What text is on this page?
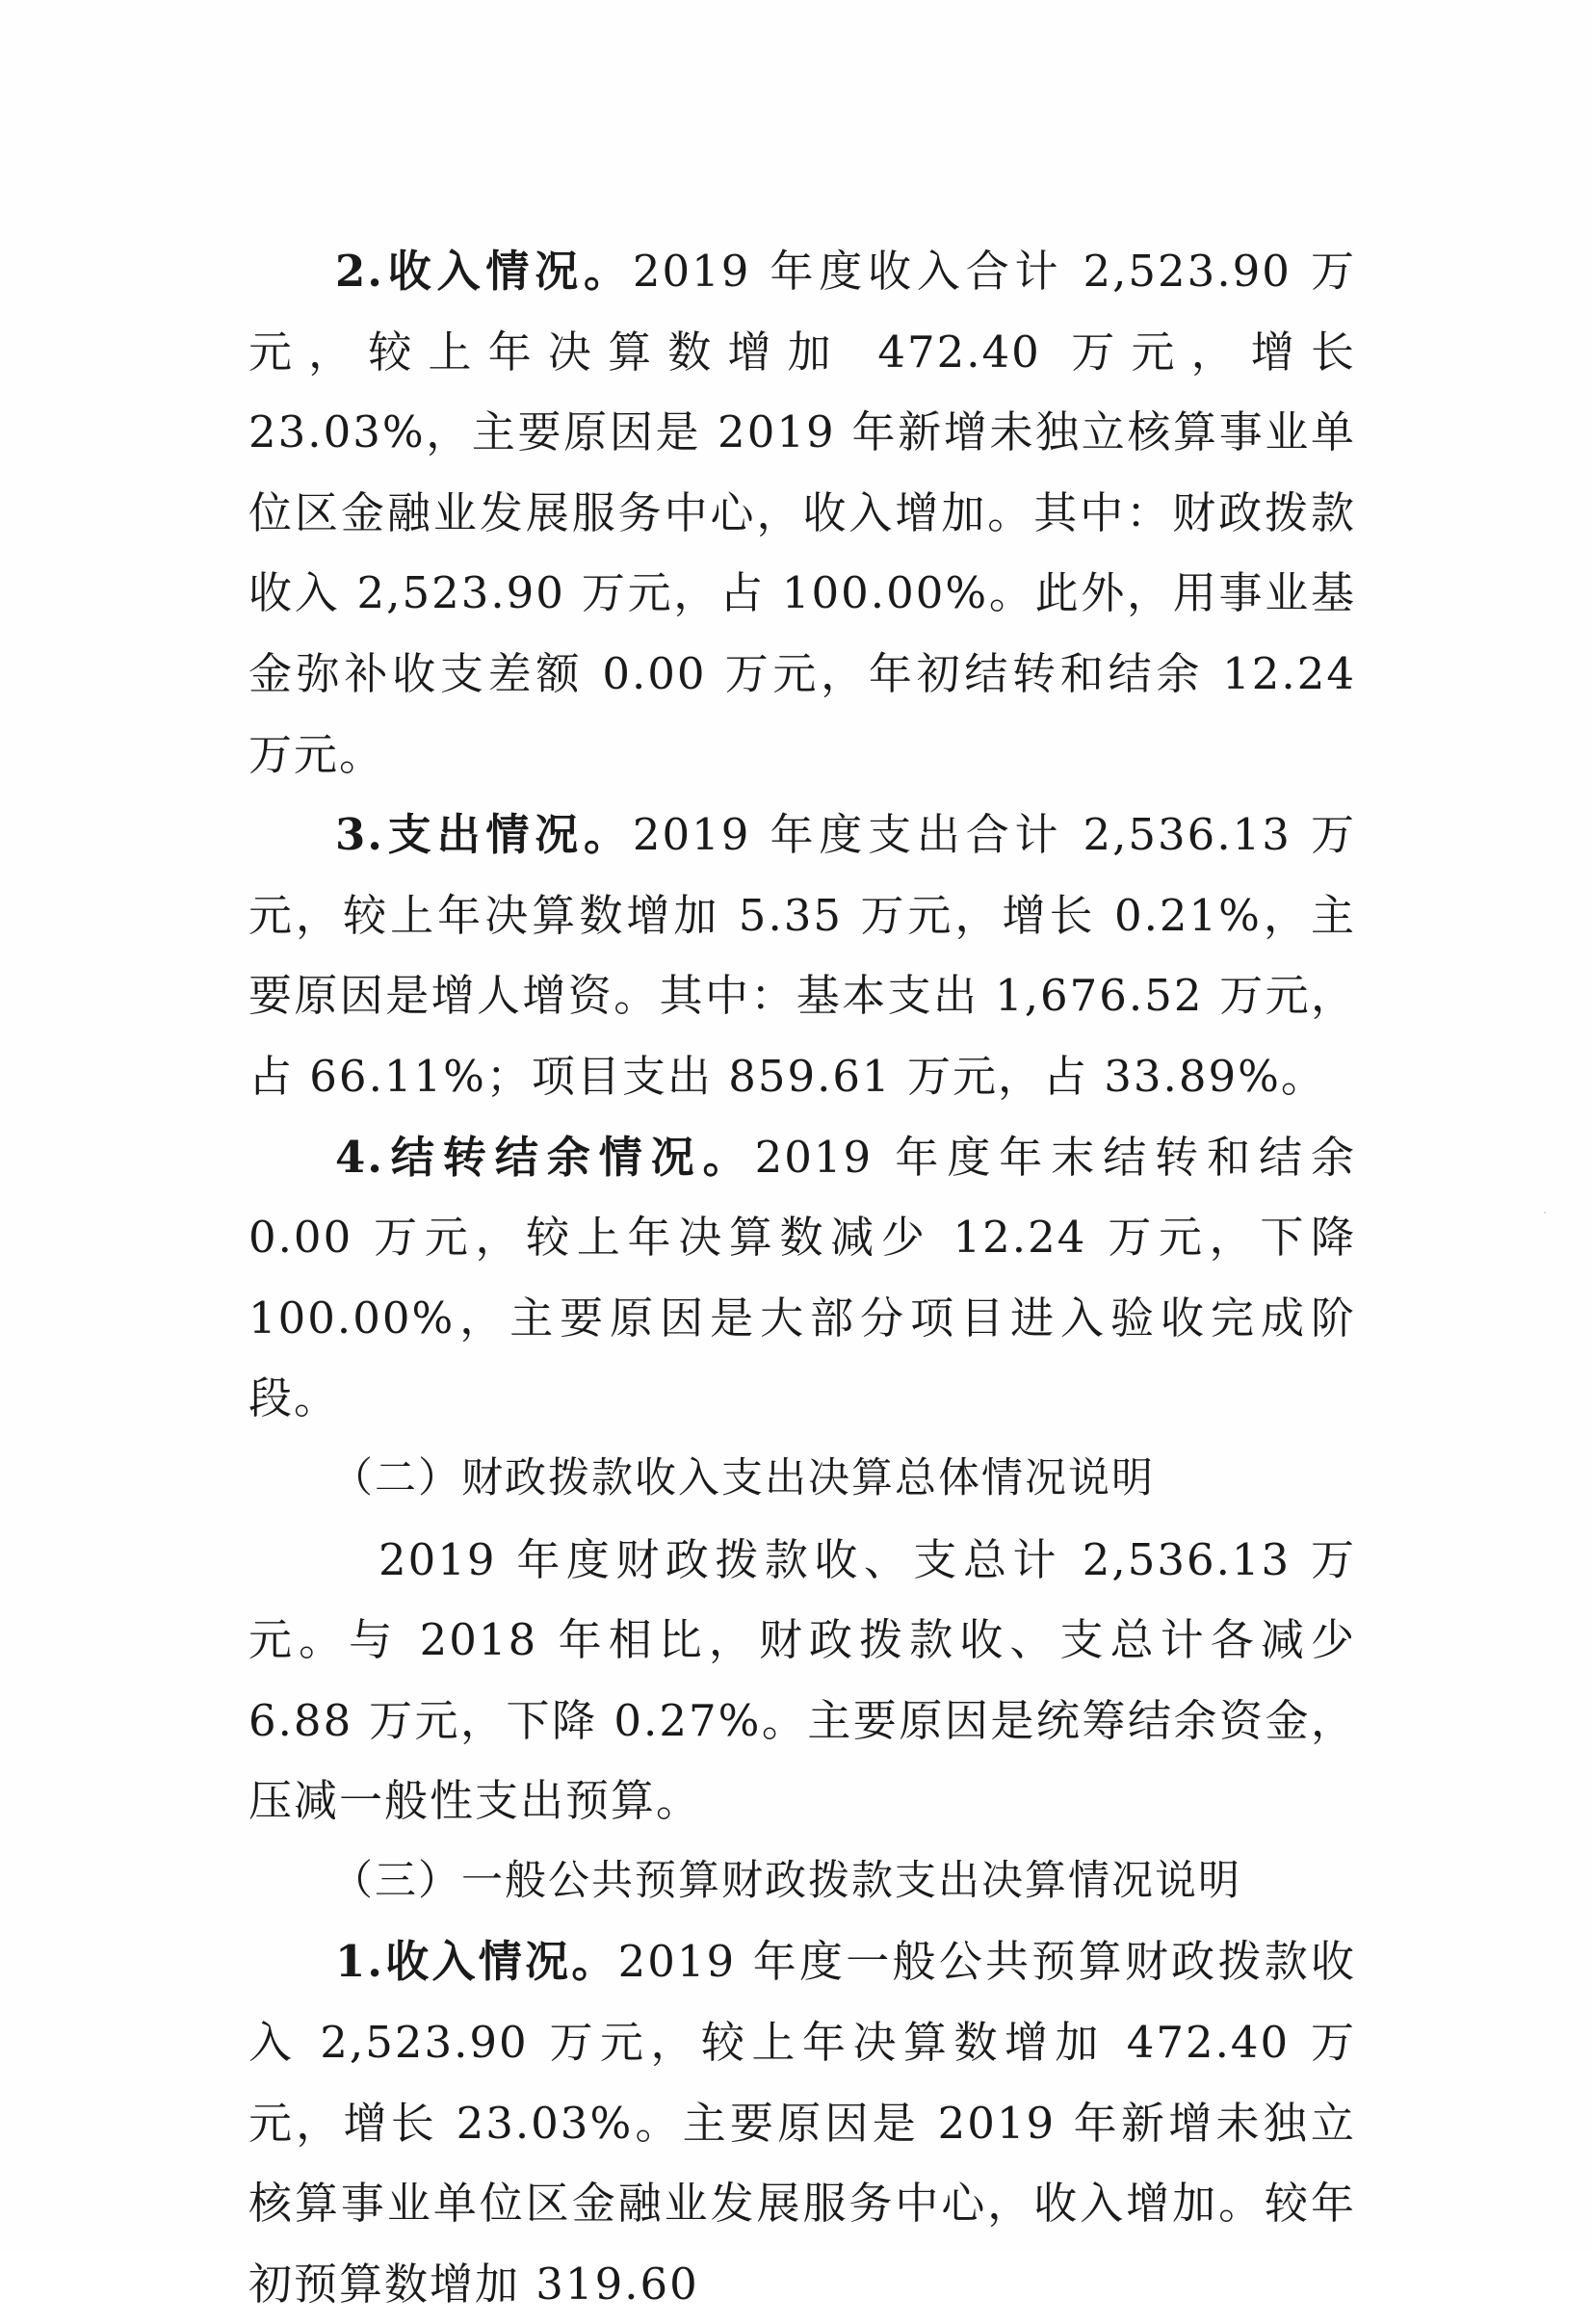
2.收入情况。2019 年度收入合计 2,523.90 万元，较上年决算数增加 472.40 万元，增长 23.03%，主要原因是 2019 年新增未独立核算事业单位区金融业发展服务中心，收入增加。其中：财政拨款收入 2,523.90 万元，占 100.00%。此外，用事业基金弥补收支差额 0.00 万元，年初结转和结余 12.24 万元。

3.支出情况。2019 年度支出合计 2,536.13 万元，较上年决算数增加 5.35 万元，增长 0.21%，主要原因是增人增资。其中：基本支出 1,676.52 万元，占 66.11%；项目支出 859.61 万元，占 33.89%。

4.结转结余情况。2019 年度年末结转和结余 0.00 万元，较上年决算数减少 12.24 万元，下降 100.00%，主要原因是大部分项目进入验收完成阶段。

（二）财政拨款收入支出决算总体情况说明

2019 年度财政拨款收、支总计 2,536.13 万元。与 2018 年相比，财政拨款收、支总计各减少 6.88 万元，下降 0.27%。主要原因是统筹结余资金，压减一般性支出预算。

（三）一般公共预算财政拨款支出决算情况说明

1.收入情况。2019 年度一般公共预算财政拨款收入 2,523.90 万元，较上年决算数增加 472.40 万元，增长 23.03%。主要原因是 2019 年新增未独立核算事业单位区金融业发展服务中心，收入增加。较年初预算数增加 319.60
